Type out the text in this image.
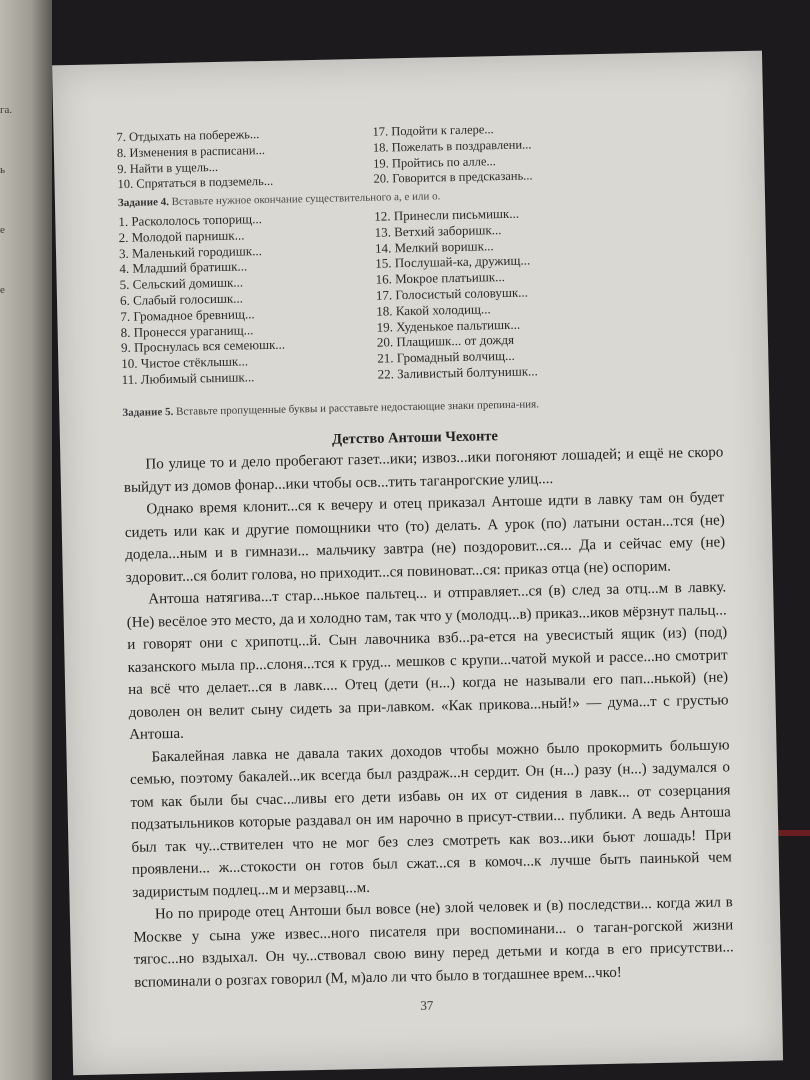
га.
ь
е
е
7. Отдыхать на побережь...
8. Изменения в расписани...
9. Найти в ущель...
10. Спрятаться в подземель...
17. Подойти к галере...
18. Пожелать в поздравлени...
19. Пройтись по алле...
20. Говорится в предсказань...
Задание 4. Вставьте нужное окончание существительного а, е или о.
1. Раскололось топорищ...
2. Молодой парнишк...
3. Маленький городишк...
4. Младший братишк...
5. Сельский домишк...
6. Слабый голосишк...
7. Громадное бревнищ...
8. Пронесся ураганищ...
9. Проснулась вся семеюшк...
10. Чистое стёклышк...
11. Любимый сынишк...
12. Принесли письмишк...
13. Ветхий заборишк...
14. Мелкий воришк...
15. Послушай-ка, дружищ...
16. Мокрое платьишк...
17. Голосистый соловушк...
18. Какой холодищ...
19. Худенькое пальтишк...
20. Плащишк... от дождя
21. Громадный волчищ...
22. Заливистый болтунишк...
Задание 5. Вставьте пропущенные буквы и расставьте недостающие знаки препина-ния.
Детство Антоши Чехонте

По улице то и дело пробегают газет...ики; извоз...ики погоняют лошадей; и ещё не скоро выйдут из домов фонар...ики чтобы осв...тить таганрогские улиц....

Однако время клонит...ся к вечеру и отец приказал Антоше идти в лавку там он будет сидеть или как и другие помощники что (то) делать. А урок (по) латыни остан...тся (не) додела...ным и в гимнази... мальчику завтра (не) поздоровит...ся... Да и сейчас ему (не) здоровит...ся болит голова, но приходит...ся повиноват...ся: приказ отца (не) оспорим.

Антоша натягива...т стар...нькое пальтец... и отправляет...ся (в) след за отц...м в лавку. (Не) весёлое это место, да и холодно там, так что у (молодц...в) приказ...иков мёрзнут пальц... и говорят они с хрипотц...й. Сын лавочника взб...ра-ется на увесистый ящик (из) (под) казанского мыла пр...слоня...тся к груд... мешков с крупи...чатой мукой и рассе...но смотрит на всё что делает...ся в лавк.... Отец (дети (н...) когда не называли его пап...нькой) (не) доволен он велит сыну сидеть за при-лавком. «Как прикова...ный!» — дума...т с грустью Антоша.

Бакалейная лавка не давала таких доходов чтобы можно было прокормить большую семью, поэтому бакалей...ик всегда был раздраж...н сердит. Он (н...) разу (н...) задумался о том как были бы счас...ливы его дети избавь он их от сидения в лавк... от созерцания подзатыльников которые раздавал он им нарочно в присут-ствии... публики. А ведь Антоша был так чу...ствителен что не мог без слез смотреть как воз...ики бьют лошадь! При проявлени... ж...стокости он готов был сжат...ся в комоч...к лучше быть паинькой чем задиристым подлец...м и мерзавц...м.

Но по природе отец Антоши был вовсе (не) злой человек и (в) последстви... когда жил в Москве у сына уже извес...ного писателя при воспоминани... о таган-рогской жизни тягос...но вздыхал. Он чу...ствовал свою вину перед детьми и когда в его присутстви... вспоминали о розгах говорил (М, м)ало ли что было в тогдашнее врем...чко!

37
